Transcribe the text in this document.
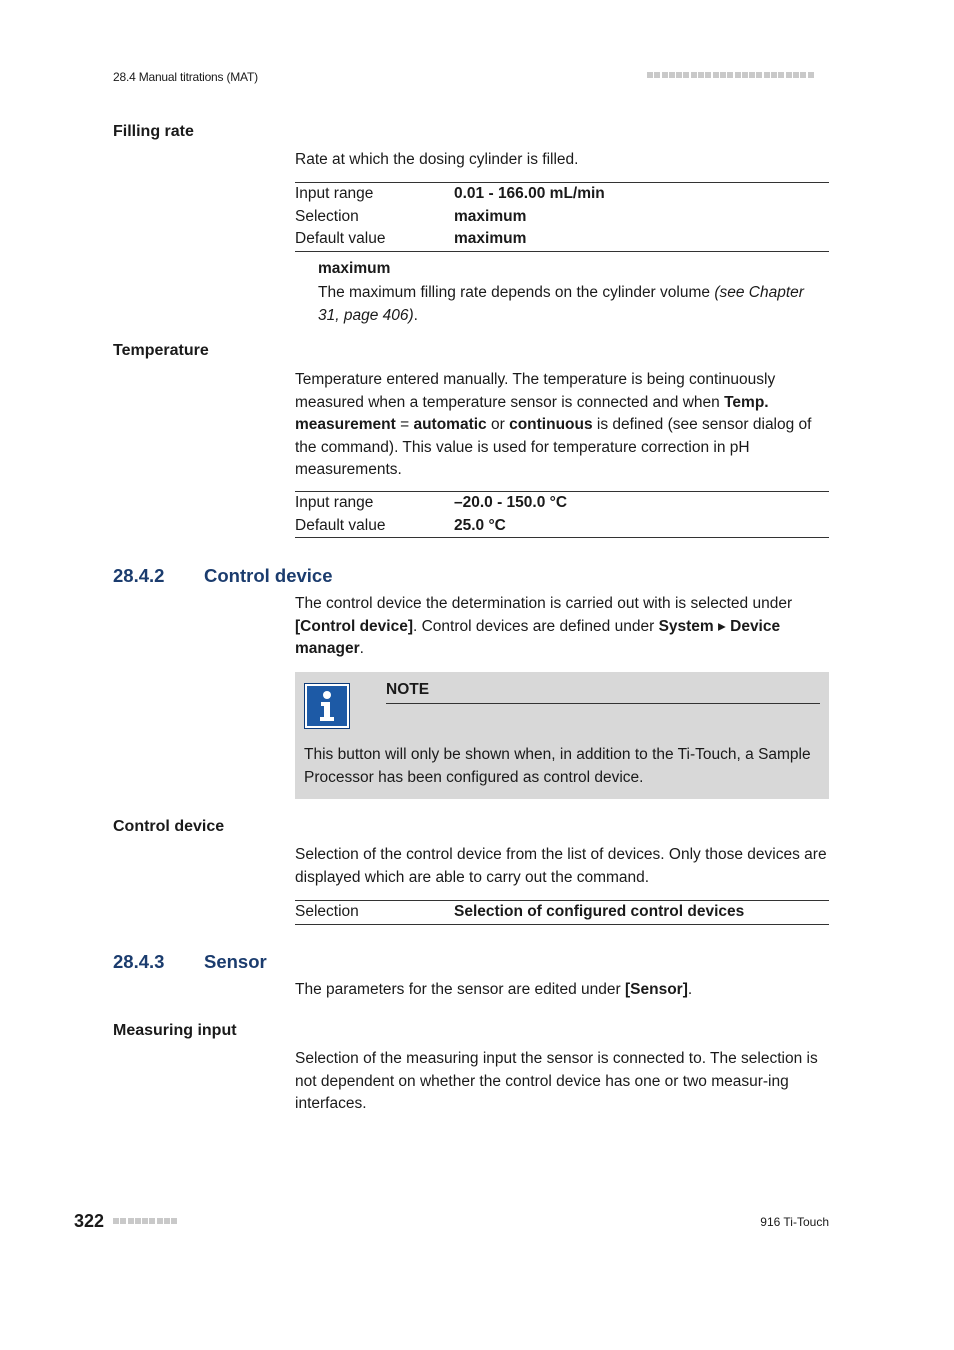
28.4 Manual titrations (MAT)
Filling rate
Rate at which the dosing cylinder is filled.
Input range	0.01 - 166.00 mL/min
Selection	maximum
Default value	maximum
maximum
The maximum filling rate depends on the cylinder volume (see Chapter 31, page 406).
Temperature
Temperature entered manually. The temperature is being continuously measured when a temperature sensor is connected and when Temp. measurement = automatic or continuous is defined (see sensor dialog of the command). This value is used for temperature correction in pH measurements.
Input range	–20.0 - 150.0 °C
Default value	25.0 °C
28.4.2 Control device
The control device the determination is carried out with is selected under [Control device]. Control devices are defined under System ▸ Device manager.
NOTE
This button will only be shown when, in addition to the Ti-Touch, a Sample Processor has been configured as control device.
Control device
Selection of the control device from the list of devices. Only those devices are displayed which are able to carry out the command.
Selection	Selection of configured control devices
28.4.3 Sensor
The parameters for the sensor are edited under [Sensor].
Measuring input
Selection of the measuring input the sensor is connected to. The selection is not dependent on whether the control device has one or two measur-ing interfaces.
322	916 Ti-Touch
